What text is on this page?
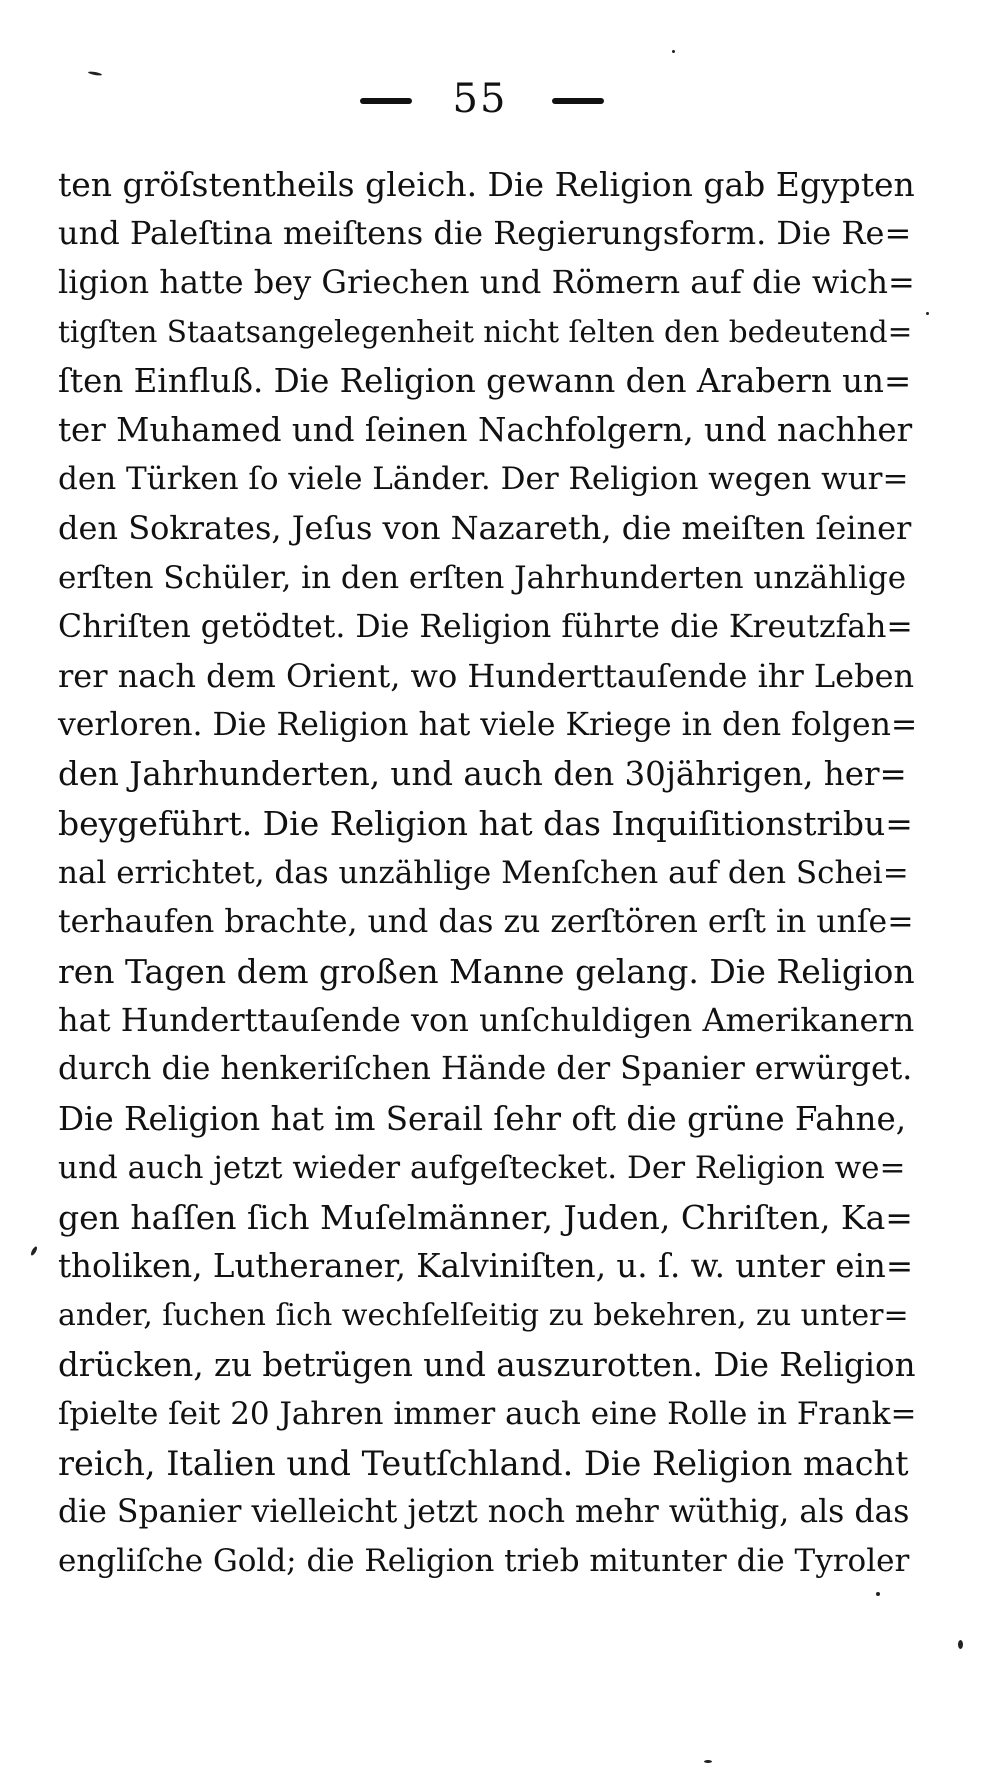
55
ten gröſstentheils gleich. Die Religion gab Egypten
und Paleſtina meiſtens die Regierungsform. Die Re=
ligion hatte bey Griechen und Römern auf die wich=
tigſten Staatsangelegenheit nicht ſelten den bedeutend=
ſten Einfluß. Die Religion gewann den Arabern un=
ter Muhamed und ſeinen Nachfolgern, und nachher
den Türken ſo viele Länder. Der Religion wegen wur=
den Sokrates, Jeſus von Nazareth, die meiſten ſeiner
erſten Schüler, in den erſten Jahrhunderten unzählige
Chriſten getödtet. Die Religion führte die Kreutzfah=
rer nach dem Orient, wo Hunderttauſende ihr Leben
verloren. Die Religion hat viele Kriege in den folgen=
den Jahrhunderten, und auch den 30jährigen, her=
beygeführt. Die Religion hat das Inquiſitionstribu=
nal errichtet, das unzählige Menſchen auf den Schei=
terhaufen brachte, und das zu zerſtören erſt in unſe=
ren Tagen dem großen Manne gelang. Die Religion
hat Hunderttauſende von unſchuldigen Amerikanern
durch die henkeriſchen Hände der Spanier erwürget.
Die Religion hat im Serail ſehr oft die grüne Fahne,
und auch jetzt wieder aufgeſtecket. Der Religion we=
gen haſſen ſich Muſelmänner, Juden, Chriſten, Ka=
tholiken, Lutheraner, Kalviniſten, u. ſ. w. unter ein=
ander, ſuchen ſich wechſelſeitig zu bekehren, zu unter=
drücken, zu betrügen und auszurotten. Die Religion
ſpielte ſeit 20 Jahren immer auch eine Rolle in Frank=
reich, Italien und Teutſchland. Die Religion macht
die Spanier vielleicht jetzt noch mehr wüthig, als das
engliſche Gold; die Religion trieb mitunter die Tyroler
